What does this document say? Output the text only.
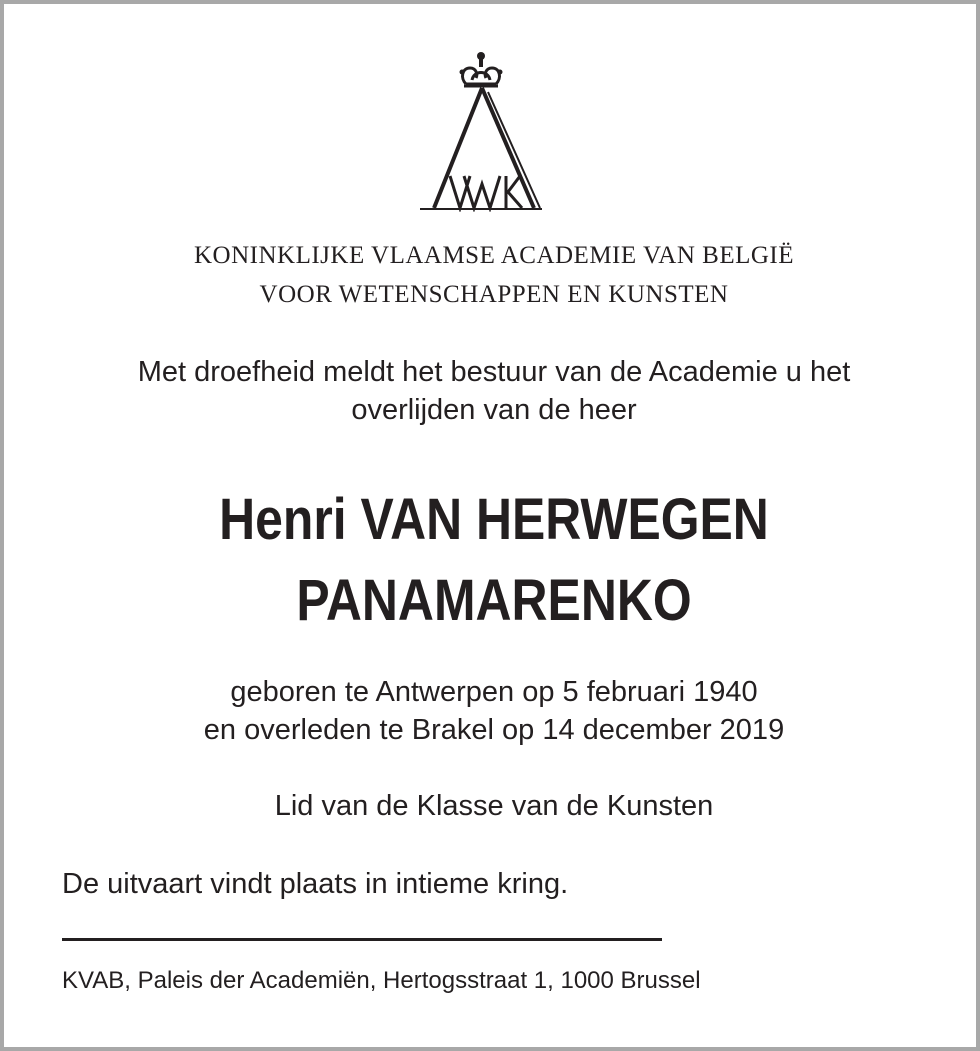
KONINKLIJKE VLAAMSE ACADEMIE VAN BELGIË
VOOR WETENSCHAPPEN EN KUNSTEN
Met droefheid meldt het bestuur van de Academie u het
overlijden van de heer
Henri VAN HERWEGEN
PANAMARENKO
geboren te Antwerpen op 5 februari 1940
en overleden te Brakel op 14 december 2019
Lid van de Klasse van de Kunsten
De uitvaart vindt plaats in intieme kring.
KVAB, Paleis der Academiën, Hertogsstraat 1, 1000 Brussel
